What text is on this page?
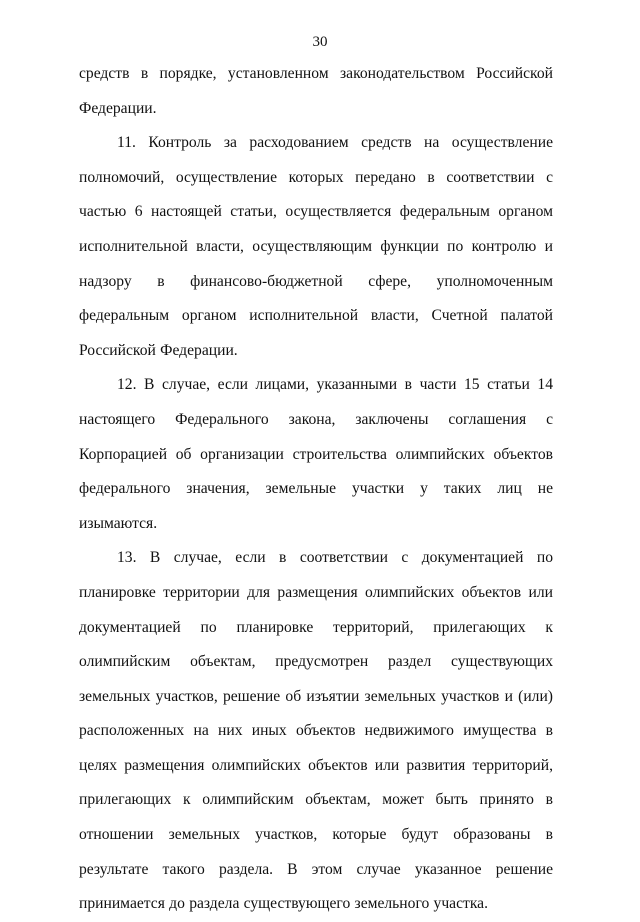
30

средств в порядке, установленном законодательством Российской Федерации.

11. Контроль за расходованием средств на осуществление полномочий, осуществление которых передано в соответствии с частью 6 настоящей статьи, осуществляется федеральным органом исполнительной власти, осуществляющим функции по контролю и надзору в финансово-бюджетной сфере, уполномоченным федеральным органом исполнительной власти, Счетной палатой Российской Федерации.

12. В случае, если лицами, указанными в части 15 статьи 14 настоящего Федерального закона, заключены соглашения с Корпорацией об организации строительства олимпийских объектов федерального значения, земельные участки у таких лиц не изымаются.

13. В случае, если в соответствии с документацией по планировке территории для размещения олимпийских объектов или документацией по планировке территорий, прилегающих к олимпийским объектам, предусмотрен раздел существующих земельных участков, решение об изъятии земельных участков и (или) расположенных на них иных объектов недвижимого имущества в целях размещения олимпийских объектов или развития территорий, прилегающих к олимпийским объектам, может быть принято в отношении земельных участков, которые будут образованы в результате такого раздела. В этом случае указанное решение принимается до раздела существующего земельного участка.
